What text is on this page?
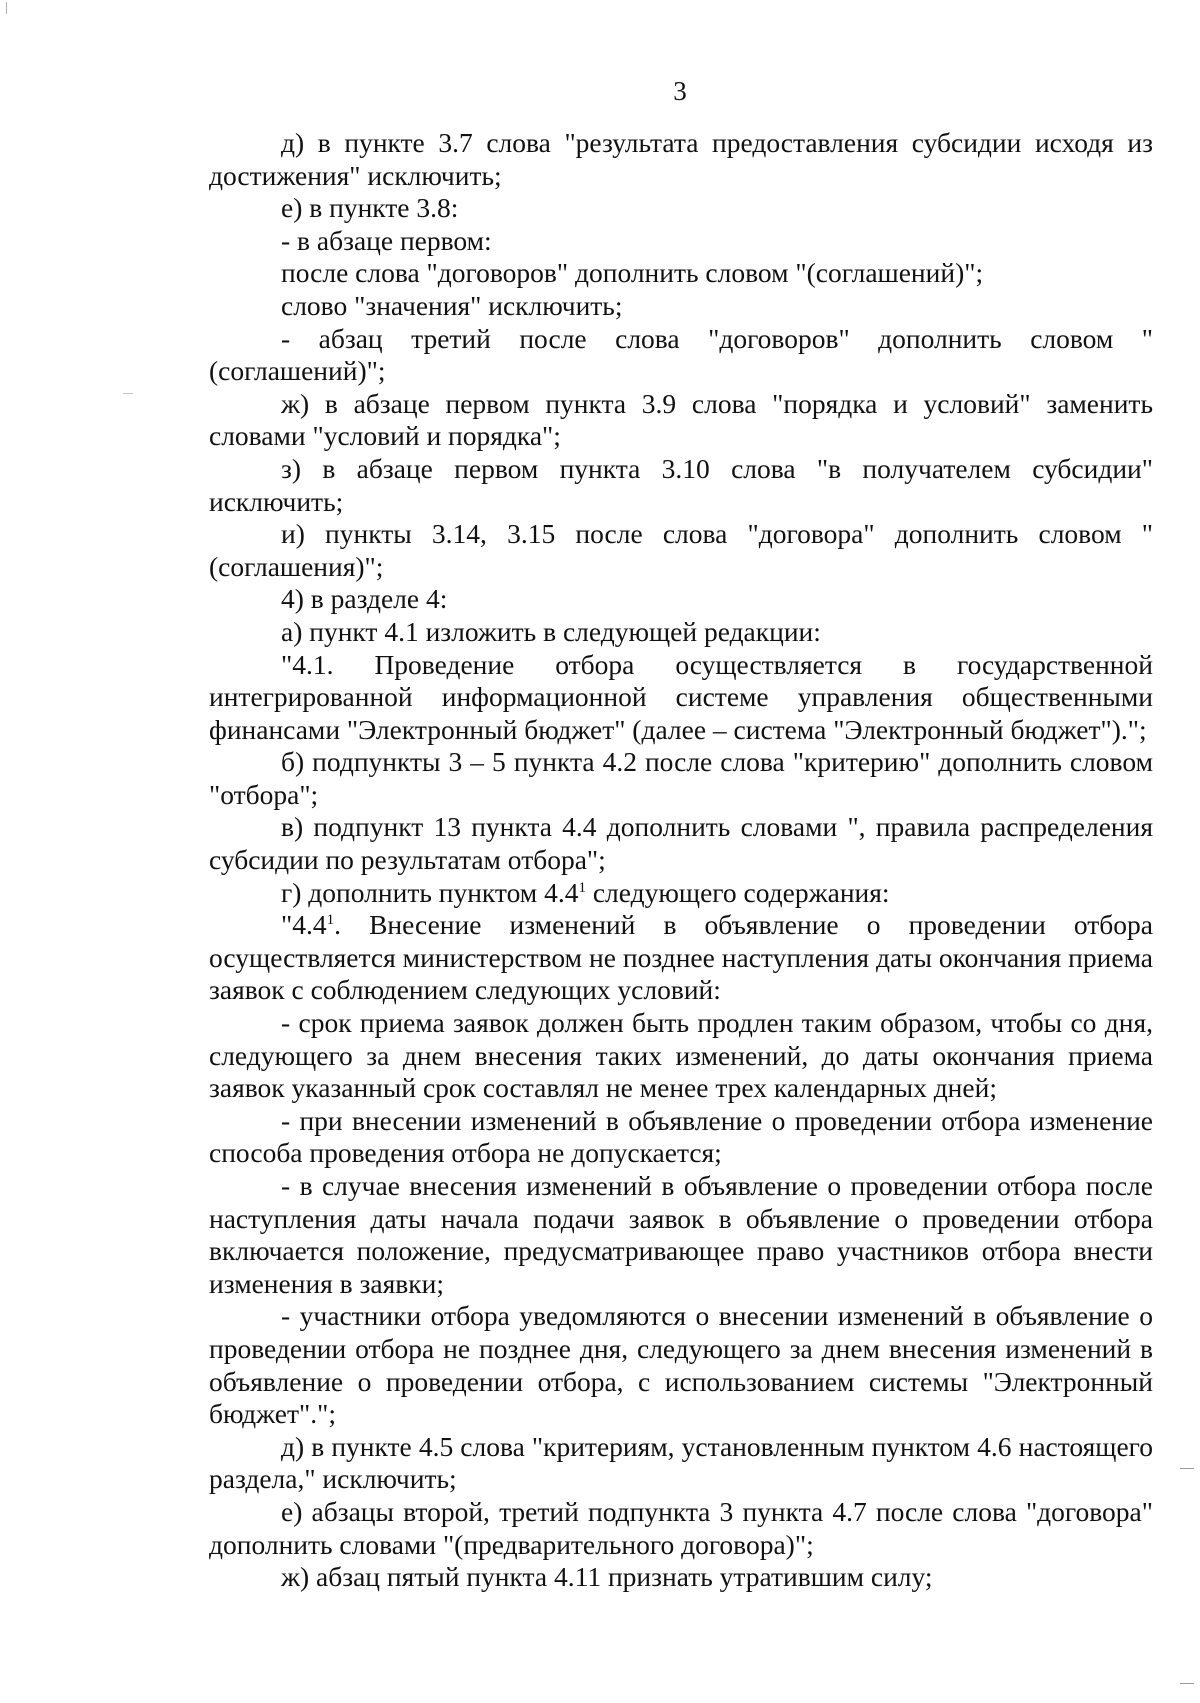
3

д) в пункте 3.7 слова "результата предоставления субсидии исходя из достижения" исключить;

е) в пункте 3.8:

- в абзаце первом:

после слова "договоров" дополнить словом "(соглашений)";

слово "значения" исключить;

- абзац третий после слова "договоров" дополнить словом "(соглашений)";

ж) в абзаце первом пункта 3.9 слова "порядка и условий" заменить словами "условий и порядка";

з) в абзаце первом пункта 3.10 слова "в получателем субсидии" исключить;

и) пункты 3.14, 3.15 после слова "договора" дополнить словом "(соглашения)";

4) в разделе 4:

а) пункт 4.1 изложить в следующей редакции:

"4.1. Проведение отбора осуществляется в государственной интегрированной информационной системе управления общественными финансами "Электронный бюджет" (далее – система "Электронный бюджет").";

б) подпункты 3 – 5 пункта 4.2 после слова "критерию" дополнить словом "отбора";

в) подпункт 13 пункта 4.4 дополнить словами ", правила распределения субсидии по результатам отбора";

г) дополнить пунктом $4.4^1$ следующего содержания:

"$4.4^1$. Внесение изменений в объявление о проведении отбора осуществляется министерством не позднее наступления даты окончания приема заявок с соблюдением следующих условий:

- срок приема заявок должен быть продлен таким образом, чтобы со дня, следующего за днем внесения таких изменений, до даты окончания приема заявок указанный срок составлял не менее трех календарных дней;

- при внесении изменений в объявление о проведении отбора изменение способа проведения отбора не допускается;

- в случае внесения изменений в объявление о проведении отбора после наступления даты начала подачи заявок в объявление о проведении отбора включается положение, предусматривающее право участников отбора внести изменения в заявки;

- участники отбора уведомляются о внесении изменений в объявление о проведении отбора не позднее дня, следующего за днем внесения изменений в объявление о проведении отбора, с использованием системы "Электронный бюджет".";

д) в пункте 4.5 слова "критериям, установленным пунктом 4.6 настоящего раздела," исключить;

е) абзацы второй, третий подпункта 3 пункта 4.7 после слова "договора" дополнить словами "(предварительного договора)";

ж) абзац пятый пункта 4.11 признать утратившим силу;
